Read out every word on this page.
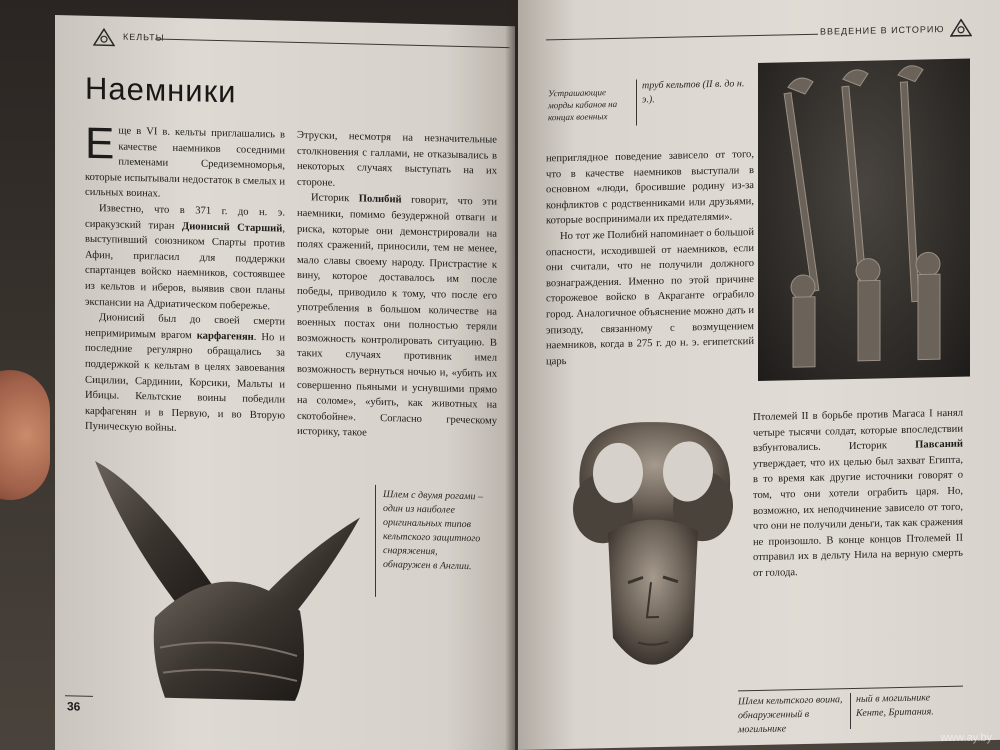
КЕЛЬТЫ
Наемники

Еще в VI в. кельты приглашались в качестве наемников соседними племенами Средиземноморья, которые испытывали недостаток в смелых и сильных воинах.

Известно, что в 371 г. до н. э. сиракузский тиран Дионисий Старший, выступивший союзником Спарты против Афин, пригласил для поддержки спартанцев войско наемников, состоявшее из кельтов и иберов, выявив свои планы экспансии на Адриатическом побережье.

Дионисий был до своей смерти непримиримым врагом карфагенян. Но и последние регулярно обращались за поддержкой к кельтам в целях завоевания Сицилии, Сардинии, Корсики, Мальты и Ибицы. Кельтские воины победили карфагенян и в Первую, и во Вторую Пуническую войны.

Этруски, несмотря на незначительные столкновения с галлами, не отказывались в некоторых случаях выступать на их стороне.

Историк Полибий говорит, что эти наемники, помимо безудержной отваги и риска, которые они демонстрировали на полях сражений, приносили, тем не менее, мало славы своему народу. Пристрастие к вину, которое доставалось им после победы, приводило к тому, что после его употребления в большом количестве на военных постах они полностью теряли возможность контролировать ситуацию. В таких случаях противник имел возможность вернуться ночью и, «убить их совершенно пьяными и уснувшими прямо на соломе», «убить, как животных на скотобойне». Согласно греческому историку, такое

Шлем с двумя рогами – один из наиболее оригинальных типов кельтского защитного снаряжения, обнаружен в Англии.
36
ВВЕДЕНИЕ В ИСТОРИЮ
Устрашающие морды кабанов на концах военных
труб кельтов (II в. до н. э.).

неприглядное поведение зависело от того, что в качестве наемников выступали в основном «люди, бросившие родину из-за конфликтов с родственниками или друзьями, которые воспринимали их предателями».

Но тот же Полибий напоминает о большой опасности, исходившей от наемников, если они считали, что не получили должного вознаграждения. Именно по этой причине сторожевое войско в Акраганте ограбило город. Аналогичное объяснение можно дать и эпизоду, связанному с возмущением наемников, когда в 275 г. до н. э. египетский царь

Птолемей II в борьбе против Магаса I нанял четыре тысячи солдат, которые впоследствии взбунтовались. Историк Павсаний утверждает, что их целью был захват Египта, в то время как другие источники говорят о том, что они хотели ограбить царя. Но, возможно, их неподчинение зависело от того, что они не получили деньги, так как сражения не произошло. В конце концов Птолемей II отправил их в дельту Нила на верную смерть от голода.

Шлем кельтского воина, обнаруженный в могильнике
ный в могильнике Кенте, Британия.
www.ay.by
